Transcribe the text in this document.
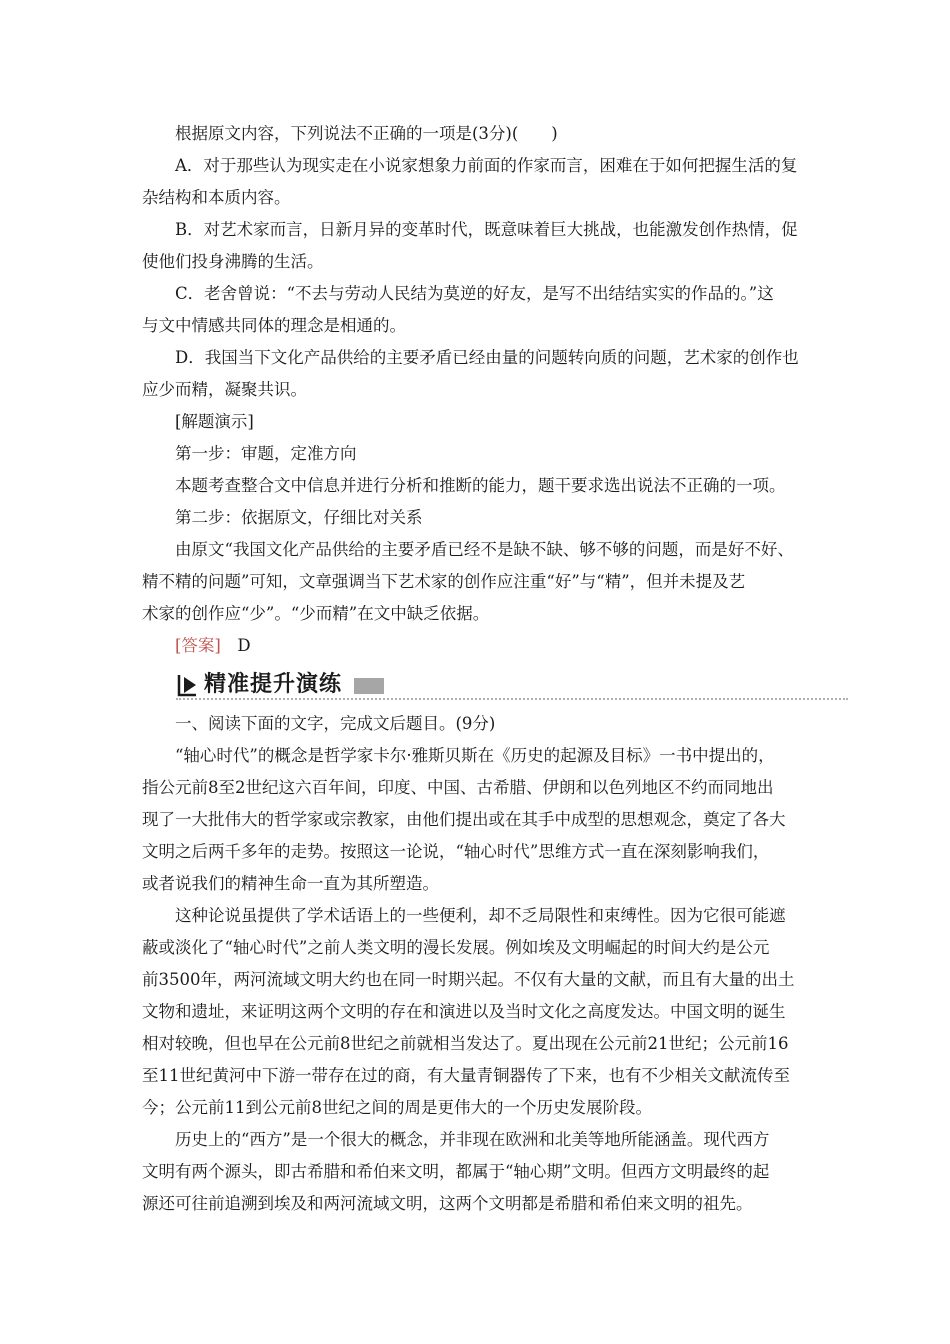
根据原文内容，下列说法不正确的一项是(3分)(　　)
A．对于那些认为现实走在小说家想象力前面的作家而言，困难在于如何把握生活的复
杂结构和本质内容。
B．对艺术家而言，日新月异的变革时代，既意味着巨大挑战，也能激发创作热情，促
使他们投身沸腾的生活。
C．老舍曾说：“不去与劳动人民结为莫逆的好友，是写不出结结实实的作品的。”这
与文中情感共同体的理念是相通的。
D．我国当下文化产品供给的主要矛盾已经由量的问题转向质的问题，艺术家的创作也
应少而精，凝聚共识。
[解题演示]
第一步：审题，定准方向
本题考查整合文中信息并进行分析和推断的能力，题干要求选出说法不正确的一项。
第二步：依据原文，仔细比对关系
由原文“我国文化产品供给的主要矛盾已经不是缺不缺、够不够的问题，而是好不好、
精不精的问题”可知，文章强调当下艺术家的创作应注重“好”与“精”，但并未提及艺
术家的创作应“少”。“少而精”在文中缺乏依据。
[答案]　 D
精准提升演练
一、阅读下面的文字，完成文后题目。(9分)
“轴心时代”的概念是哲学家卡尔·雅斯贝斯在《历史的起源及目标》一书中提出的，
指公元前8至2世纪这六百年间，印度、中国、古希腊、伊朗和以色列地区不约而同地出
现了一大批伟大的哲学家或宗教家，由他们提出或在其手中成型的思想观念，奠定了各大
文明之后两千多年的走势。按照这一论说，“轴心时代”思维方式一直在深刻影响我们，
或者说我们的精神生命一直为其所塑造。
这种论说虽提供了学术话语上的一些便利，却不乏局限性和束缚性。因为它很可能遮
蔽或淡化了“轴心时代”之前人类文明的漫长发展。例如埃及文明崛起的时间大约是公元
前3500年，两河流域文明大约也在同一时期兴起。不仅有大量的文献，而且有大量的出土
文物和遗址，来证明这两个文明的存在和演进以及当时文化之高度发达。中国文明的诞生
相对较晚，但也早在公元前8世纪之前就相当发达了。夏出现在公元前21世纪；公元前16
至11世纪黄河中下游一带存在过的商，有大量青铜器传了下来，也有不少相关文献流传至
今；公元前11到公元前8世纪之间的周是更伟大的一个历史发展阶段。
历史上的“西方”是一个很大的概念，并非现在欧洲和北美等地所能涵盖。现代西方
文明有两个源头，即古希腊和希伯来文明，都属于“轴心期”文明。但西方文明最终的起
源还可往前追溯到埃及和两河流域文明，这两个文明都是希腊和希伯来文明的祖先。
